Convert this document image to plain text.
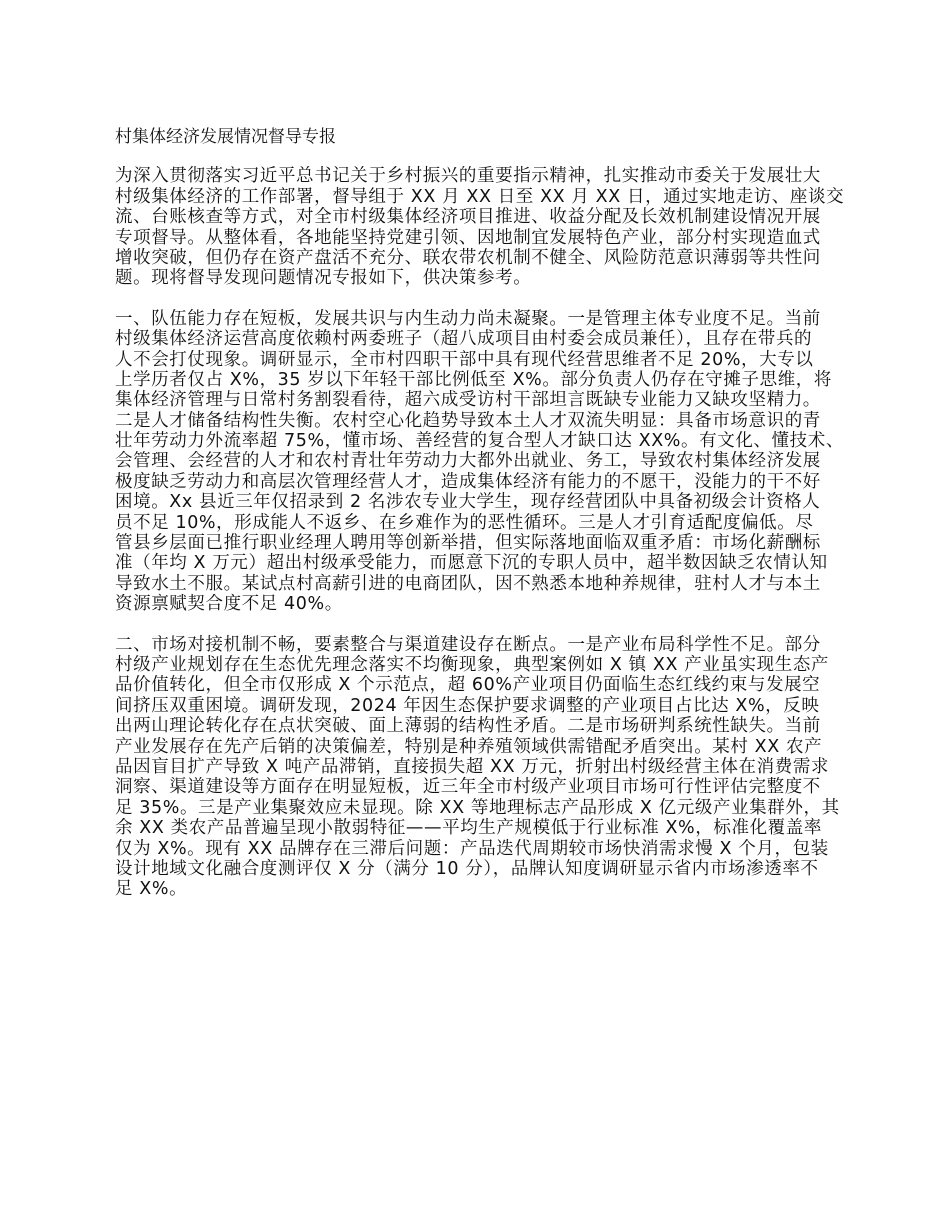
村集体经济发展情况督导专报
为深入贯彻落实习近平总书记关于乡村振兴的重要指示精神，扎实推动市委关于发展壮大
村级集体经济的工作部署，督导组于 XX 月 XX 日至 XX 月 XX 日，通过实地走访、座谈交
流、台账核查等方式，对全市村级集体经济项目推进、收益分配及长效机制建设情况开展
专项督导。从整体看，各地能坚持党建引领、因地制宜发展特色产业，部分村实现造血式
增收突破，但仍存在资产盘活不充分、联农带农机制不健全、风险防范意识薄弱等共性问
题。现将督导发现问题情况专报如下，供决策参考。
一、队伍能力存在短板，发展共识与内生动力尚未凝聚。一是管理主体专业度不足。当前
村级集体经济运营高度依赖村两委班子（超八成项目由村委会成员兼任），且存在带兵的
人不会打仗现象。调研显示，全市村四职干部中具有现代经营思维者不足 20%，大专以
上学历者仅占 X%，35 岁以下年轻干部比例低至 X%。部分负责人仍存在守摊子思维，将
集体经济管理与日常村务割裂看待，超六成受访村干部坦言既缺专业能力又缺攻坚精力。
二是人才储备结构性失衡。农村空心化趋势导致本土人才双流失明显：具备市场意识的青
壮年劳动力外流率超 75%，懂市场、善经营的复合型人才缺口达 XX%。有文化、懂技术、
会管理、会经营的人才和农村青壮年劳动力大都外出就业、务工，导致农村集体经济发展
极度缺乏劳动力和高层次管理经营人才，造成集体经济有能力的不愿干，没能力的干不好
困境。Xx 县近三年仅招录到 2 名涉农专业大学生，现存经营团队中具备初级会计资格人
员不足 10%，形成能人不返乡、在乡难作为的恶性循环。三是人才引育适配度偏低。尽
管县乡层面已推行职业经理人聘用等创新举措，但实际落地面临双重矛盾：市场化薪酬标
准（年均 X 万元）超出村级承受能力，而愿意下沉的专职人员中，超半数因缺乏农情认知
导致水土不服。某试点村高薪引进的电商团队，因不熟悉本地种养规律，驻村人才与本土
资源禀赋契合度不足 40%。
二、市场对接机制不畅，要素整合与渠道建设存在断点。一是产业布局科学性不足。部分
村级产业规划存在生态优先理念落实不均衡现象，典型案例如 X 镇 XX 产业虽实现生态产
品价值转化，但全市仅形成 X 个示范点，超 60%产业项目仍面临生态红线约束与发展空
间挤压双重困境。调研发现，2024 年因生态保护要求调整的产业项目占比达 X%，反映
出两山理论转化存在点状突破、面上薄弱的结构性矛盾。二是市场研判系统性缺失。当前
产业发展存在先产后销的决策偏差，特别是种养殖领域供需错配矛盾突出。某村 XX 农产
品因盲目扩产导致 X 吨产品滞销，直接损失超 XX 万元，折射出村级经营主体在消费需求
洞察、渠道建设等方面存在明显短板，近三年全市村级产业项目市场可行性评估完整度不
足 35%。三是产业集聚效应未显现。除 XX 等地理标志产品形成 X 亿元级产业集群外，其
余 XX 类农产品普遍呈现小散弱特征——平均生产规模低于行业标准 X%，标准化覆盖率
仅为 X%。现有 XX 品牌存在三滞后问题：产品迭代周期较市场快消需求慢 X 个月，包装
设计地域文化融合度测评仅 X 分（满分 10 分），品牌认知度调研显示省内市场渗透率不
足 X%。
